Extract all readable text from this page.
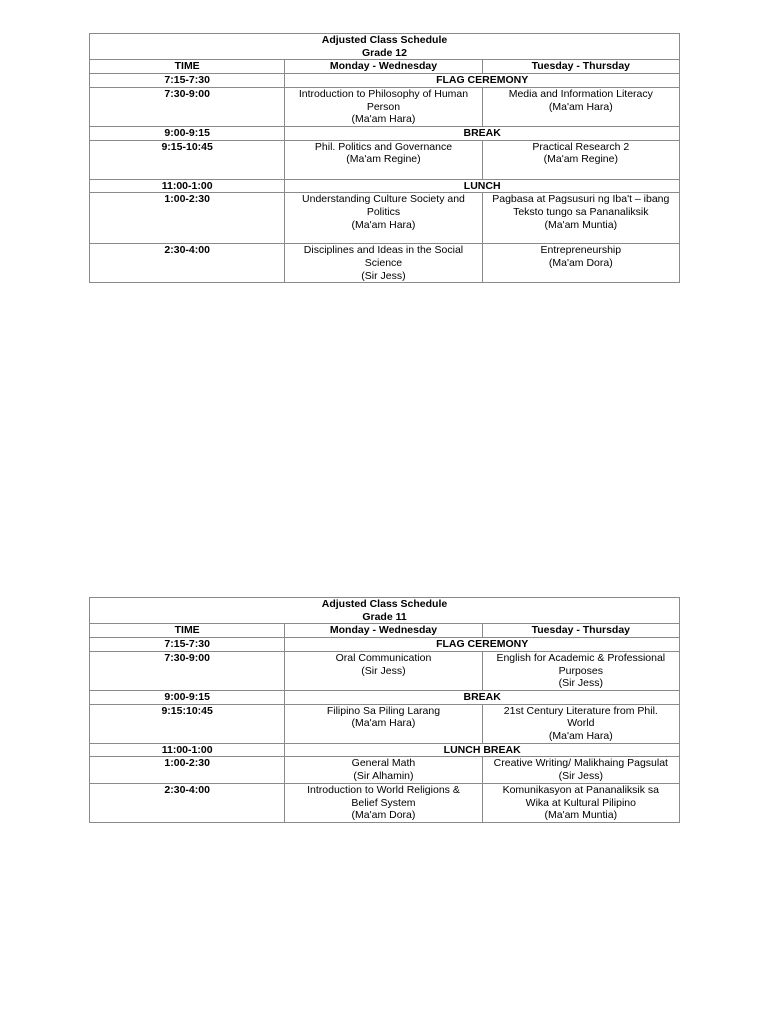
Adjusted Class Schedule
Grade 12		

TIME	Monday - Wednesday	Tuesday - Thursday
7:15-7:30	FLAG CEREMONY	
7:30-9:00	Introduction to Philosophy of Human
Person
(Ma'am Hara)	Media and Information Literacy
(Ma'am Hara)

9:00-9:15	BREAK	
9:15-10:45	Phil. Politics and Governance
(Ma'am Regine)	Practical Research 2
(Ma'am Regine)

11:00-1:00	LUNCH	
1:00-2:30	Understanding Culture Society and
Politics
(Ma'am Hara)	Pagbasa at Pagsusuri ng Iba't – ibang
Teksto tungo sa Pananaliksik
(Ma'am Muntia)

2:30-4:00	Disciplines and Ideas in the Social
Science
(Sir Jess)	Entrepreneurship
(Ma'am Dora)
Adjusted Class Schedule
Grade 11		

TIME	Monday - Wednesday	Tuesday - Thursday
7:15-7:30	FLAG CEREMONY	
7:30-9:00	Oral Communication
(Sir Jess)	English for Academic & Professional
Purposes
(Sir Jess)

9:00-9:15	BREAK	
9:15:10:45	Filipino Sa Piling Larang
(Ma'am Hara)	21st Century Literature from Phil.
World
(Ma'am Hara)

11:00-1:00	LUNCH BREAK	
1:00-2:30	General Math
(Sir Alhamin)	Creative Writing/ Malikhaing Pagsulat
(Sir Jess)

2:30-4:00	Introduction to World Religions &
Belief System
(Ma'am Dora)	Komunikasyon at Pananaliksik sa
Wika at Kultural Pilipino
(Ma'am Muntia)
